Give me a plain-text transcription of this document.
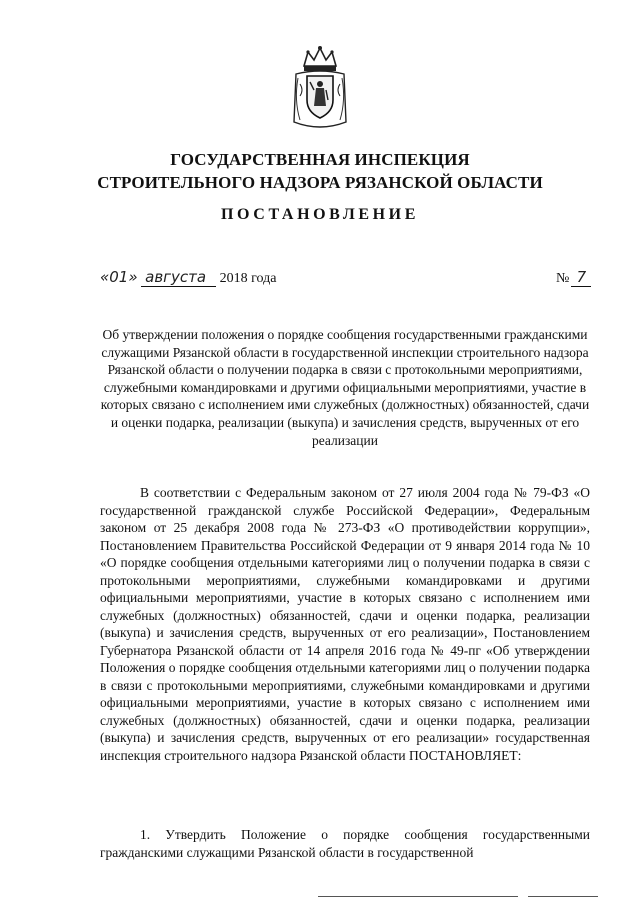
ГОСУДАРСТВЕННАЯ ИНСПЕКЦИЯ
СТРОИТЕЛЬНОГО НАДЗОРА РЯЗАНСКОЙ ОБЛАСТИ
ПОСТАНОВЛЕНИЕ
«01» августа 2018 года	№ 7
Об утверждении положения о порядке сообщения государственными гражданскими служащими Рязанской области в государственной инспекции строительного надзора Рязанской области о получении подарка в связи с протокольными мероприятиями, служебными командировками и другими официальными мероприятиями, участие в которых связано с исполнением ими служебных (должностных) обязанностей, сдачи и оценки подарка, реализации (выкупа) и зачисления средств, вырученных от его реализации

В соответствии с Федеральным законом от 27 июля 2004 года № 79-ФЗ «О государственной гражданской службе Российской Федерации», Федеральным законом от 25 декабря 2008 года № 273-ФЗ «О противодействии коррупции», Постановлением Правительства Российской Федерации от 9 января 2014 года № 10 «О порядке сообщения отдельными категориями лиц о получении подарка в связи с протокольными мероприятиями, служебными командировками и другими официальными мероприятиями, участие в которых связано с исполнением ими служебных (должностных) обязанностей, сдачи и оценки подарка, реализации (выкупа) и зачисления средств, вырученных от его реализации», Постановлением Губернатора Рязанской области от 14 апреля 2016 года № 49-пг «Об утверждении Положения о порядке сообщения отдельными категориями лиц о получении подарка в связи с протокольными мероприятиями, служебными командировками и другими официальными мероприятиями, участие в которых связано с исполнением ими служебных (должностных) обязанностей, сдачи и оценки подарка, реализации (выкупа) и зачисления средств, вырученных от его реализации» государственная инспекция строительного надзора Рязанской области ПОСТАНОВЛЯЕТ:

1. Утвердить Положение о порядке сообщения государственными гражданскими служащими Рязанской области в государственной
